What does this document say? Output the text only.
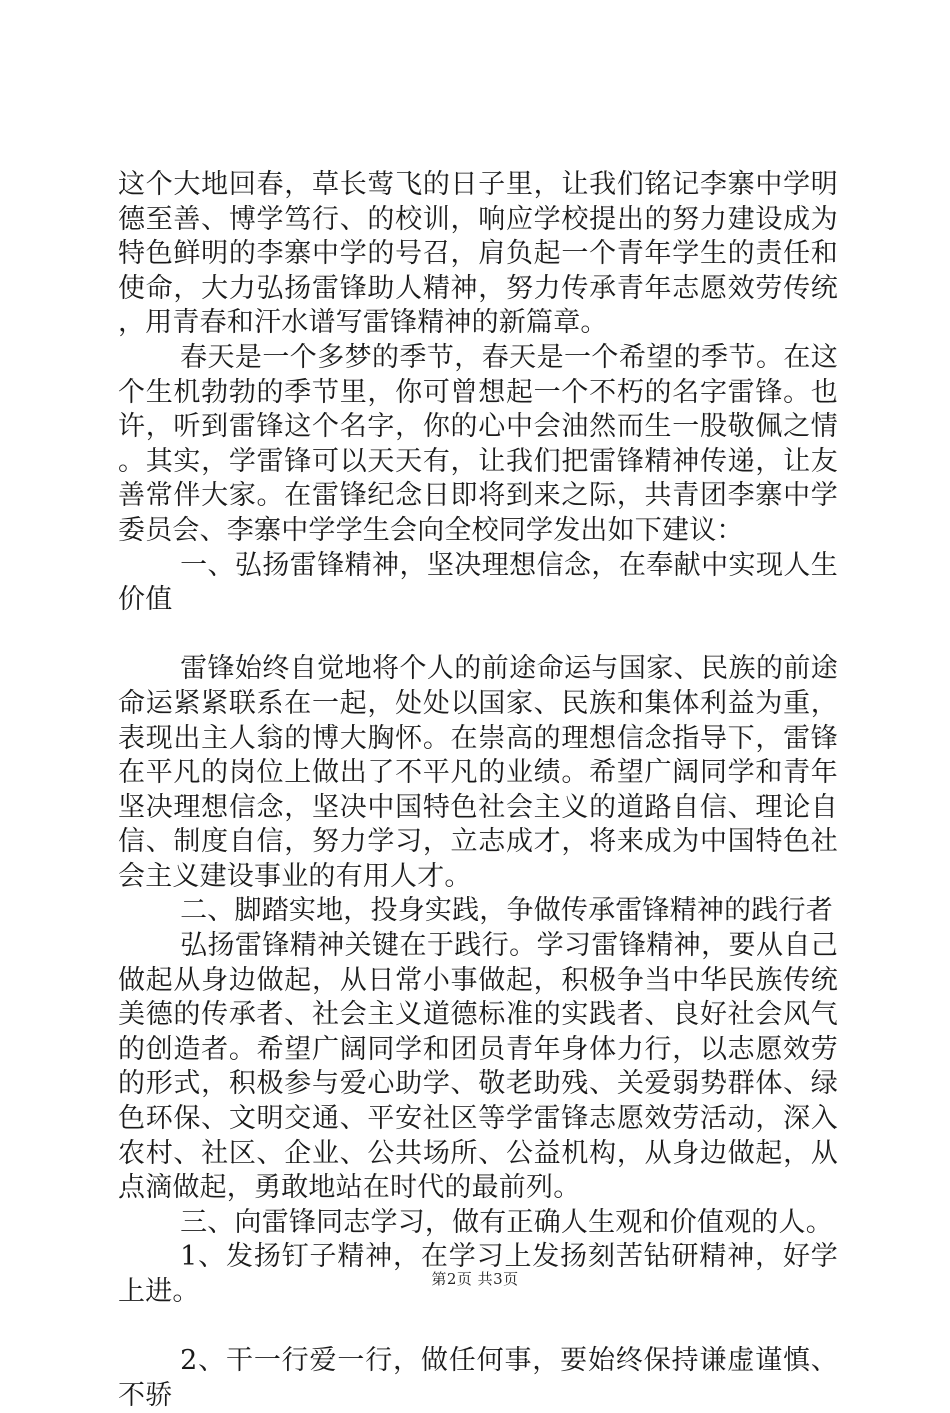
这个大地回春，草长莺飞的日子里，让我们铭记李寨中学明德至善、博学笃行、的校训，响应学校提出的努力建设成为特色鲜明的李寨中学的号召，肩负起一个青年学生的责任和使命，大力弘扬雷锋助人精神，努力传承青年志愿效劳传统，用青春和汗水谱写雷锋精神的新篇章。

春天是一个多梦的季节，春天是一个希望的季节。在这个生机勃勃的季节里，你可曾想起一个不朽的名字雷锋。也许，听到雷锋这个名字，你的心中会油然而生一股敬佩之情。其实，学雷锋可以天天有，让我们把雷锋精神传递，让友善常伴大家。在雷锋纪念日即将到来之际，共青团李寨中学委员会、李寨中学学生会向全校同学发出如下建议：

一、弘扬雷锋精神，坚决理想信念，在奉献中实现人生价值

雷锋始终自觉地将个人的前途命运与国家、民族的前途命运紧紧联系在一起，处处以国家、民族和集体利益为重，表现出主人翁的博大胸怀。在崇高的理想信念指导下，雷锋在平凡的岗位上做出了不平凡的业绩。希望广阔同学和青年坚决理想信念，坚决中国特色社会主义的道路自信、理论自信、制度自信，努力学习，立志成才，将来成为中国特色社会主义建设事业的有用人才。

二、脚踏实地，投身实践，争做传承雷锋精神的践行者

弘扬雷锋精神关键在于践行。学习雷锋精神，要从自己做起从身边做起，从日常小事做起，积极争当中华民族传统美德的传承者、社会主义道德标准的实践者、良好社会风气的创造者。希望广阔同学和团员青年身体力行，以志愿效劳的形式，积极参与爱心助学、敬老助残、关爱弱势群体、绿色环保、文明交通、平安社区等学雷锋志愿效劳活动，深入农村、社区、企业、公共场所、公益机构，从身边做起，从点滴做起，勇敢地站在时代的最前列。

三、向雷锋同志学习，做有正确人生观和价值观的人。

1、发扬钉子精神，在学习上发扬刻苦钻研精神，好学上进。

2、干一行爱一行，做任何事，要始终保持谦虚谨慎、不骄

第2页 共3页
